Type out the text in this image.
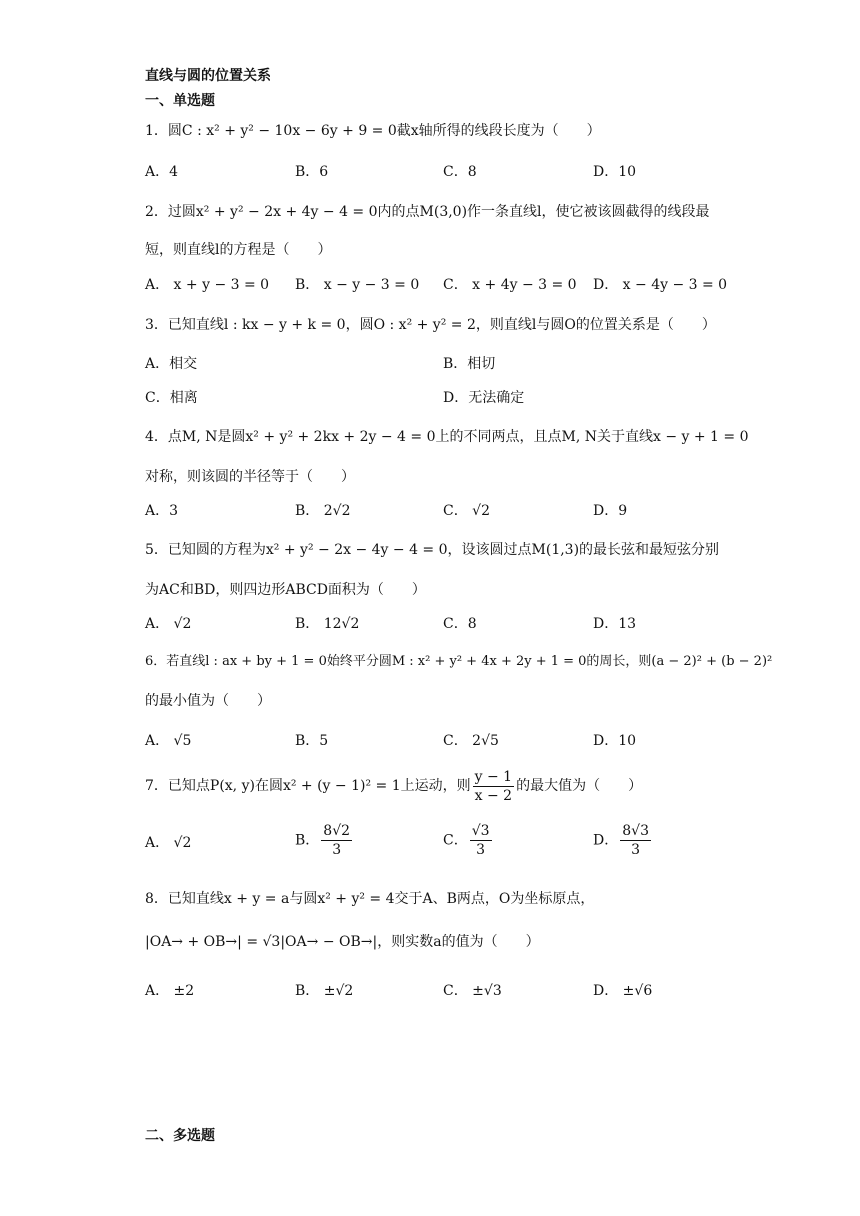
直线与圆的位置关系
一、单选题
1．圆C : x² + y² − 10x − 6y + 9 = 0截x轴所得的线段长度为（　　）
A．4	B．6	C．8	D．10
2．过圆x² + y² − 2x + 4y − 4 = 0内的点M(3,0)作一条直线l，使它被该圆截得的线段最
短，则直线l的方程是（　　）
A． x + y − 3 = 0 B． x − y − 3 = 0 C． x + 4y − 3 = 0 D． x − 4y − 3 = 0
3．已知直线l : kx − y + k = 0，圆O : x² + y² = 2，则直线l与圆O的位置关系是（　　）
A．相交	B．相切
C．相离	D．无法确定
4．点M, N是圆x² + y² + 2kx + 2y − 4 = 0上的不同两点，且点M, N关于直线x − y + 1 = 0
对称，则该圆的半径等于（　　）
A．3	B． 2√2	C． √2	D．9
5．已知圆的方程为x² + y² − 2x − 4y − 4 = 0，设该圆过点M(1,3)的最长弦和最短弦分别
为AC和BD，则四边形ABCD面积为（　　）
A． √2	B． 12√2	C．8	D．13
6．若直线l : ax + by + 1 = 0始终平分圆M : x² + y² + 4x + 2y + 1 = 0的周长，则(a − 2)² + (b − 2)²
的最小值为（　　）
A． √5	B．5	C． 2√5	D．10
7．已知点P(x, y)在圆x² + (y − 1)² = 1上运动，则 $\frac{y - 1}{x - 2}$ 的最大值为（　　）
A． √2	B． $\frac{8√2}{3}$	C． $\frac{√3}{3}$	D． $\frac{8√3}{3}$
8．已知直线x + y = a与圆x² + y² = 4交于A、B两点，O为坐标原点，
|OA→ + OB→| = √3|OA→ − OB→|，则实数a的值为（　　）
A． ±2	B． ±√2	C． ±√3	D． ±√6
二、多选题
